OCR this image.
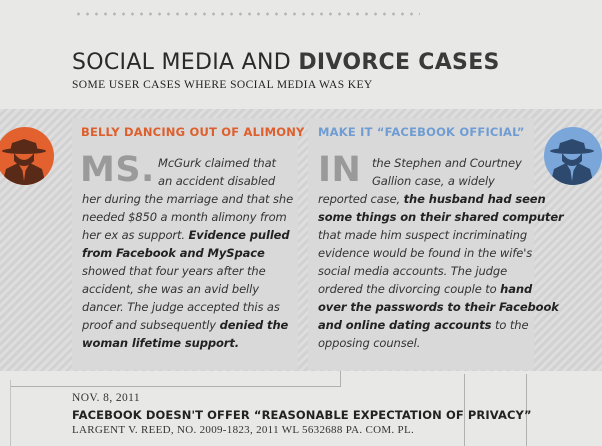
SOCIAL MEDIA AND DIVORCE CASES

SOME USER CASES WHERE SOCIAL MEDIA WAS KEY

BELLY DANCING OUT OF ALIMONY MAKE IT “FACEBOOK OFFICIAL”
MS.	IN

McGurk claimed that

an accident disabled

her during the marriage and that she

needed $850 a month alimony from

her ex as support. Evidence pulled

from Facebook and MySpace

showed that four years after the

accident, she was an avid belly

dancer. The judge accepted this as

proof and subsequently denied the

woman lifetime support.

the Stephen and Courtney

Gallion case, a widely

reported case, the husband had seen

some things on their shared computer

that made him suspect incriminating

evidence would be found in the wife's

social media accounts. The judge

ordered the divorcing couple to hand

over the passwords to their Facebook

and online dating accounts to the

opposing counsel.

NOV. 8, 2011

FACEBOOK DOESN'T OFFER “REASONABLE EXPECTATION OF PRIVACY”

LARGENT V. REED, NO. 2009-1823, 2011 WL 5632688 PA. COM. PL.
